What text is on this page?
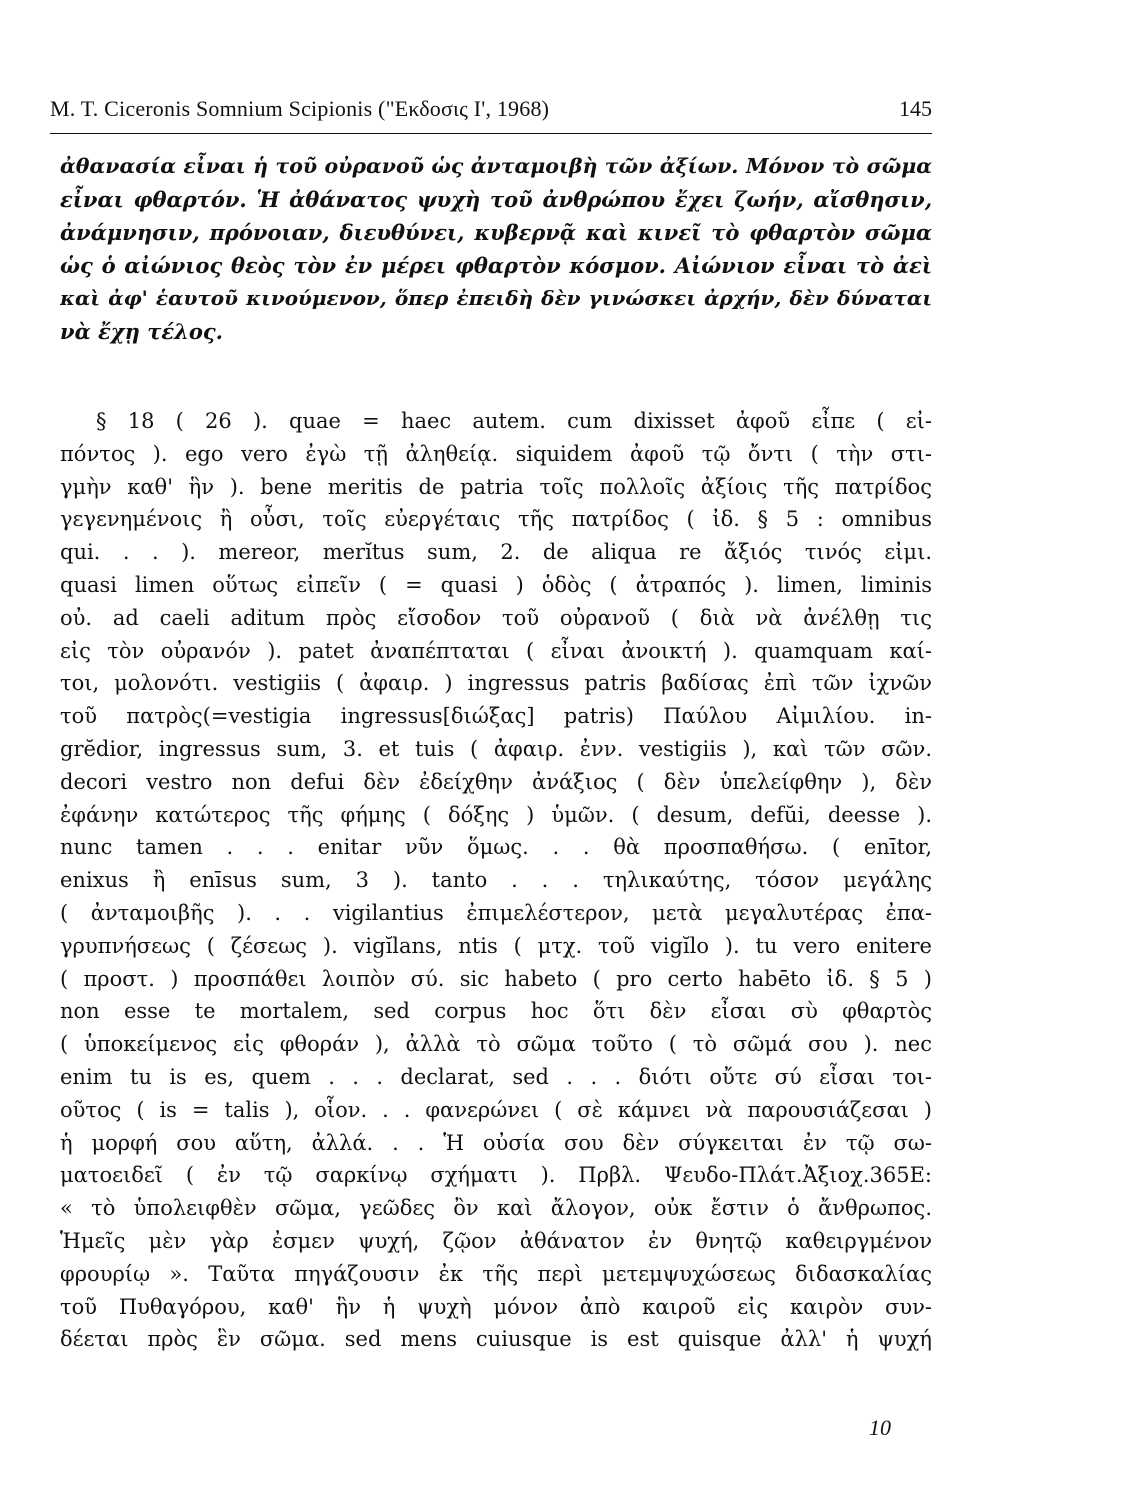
M. T. Ciceronis Somnium Scipionis ("Εκδοσις Ι', 1968)	145
ἀθανασία εἶναι ἡ τοῦ οὐρανοῦ ὡς ἀνταμοιβὴ τῶν ἀξίων. Μόνον τὸ σῶμα
εἶναι φθαρτόν. Ἡ ἀθάνατος ψυχὴ τοῦ ἀνθρώπου ἔχει ζωήν, αἴσθησιν,
ἀνάμνησιν, πρόνοιαν, διευθύνει, κυβερνᾷ καὶ κινεῖ τὸ φθαρτὸν σῶμα
ὡς ὁ αἰώνιος θεὸς τὸν ἐν μέρει φθαρτὸν κόσμον. Αἰώνιον εἶναι τὸ ἀεὶ
καὶ ἀφ' ἑαυτοῦ κινούμενον, ὅπερ ἐπειδὴ δὲν γινώσκει ἀρχήν, δὲν δύναται
νὰ ἔχῃ τέλος.
§ 18 ( 26 ). quae = haec autem. cum dixisset ἀφοῦ εἶπε ( εἰ-
πόντος ). ego vero ἐγὼ τῇ ἀληθείᾳ. siquidem ἀφοῦ τῷ ὄντι ( τὴν στι-
γμὴν καθ' ἣν ). bene meritis de patria τοῖς πολλοῖς ἀξίοις τῆς πατρίδος
γεγενημένοις ἢ οὖσι, τοῖς εὐεργέταις τῆς πατρίδος ( ἰδ. § 5 : omnibus
qui. . . ). mereor, merĭtus sum, 2. de aliqua re ἄξιός τινός εἰμι.
quasi limen οὕτως εἰπεῖν ( = quasi ) ὁδὸς ( ἀτραπός ). limen, liminis
οὐ. ad caeli aditum πρὸς εἴσοδον τοῦ οὐρανοῦ ( διὰ νὰ ἀνέλθῃ τις
εἰς τὸν οὐρανόν ). patet ἀναπέπταται ( εἶναι ἀνοικτή ). quamquam καί-
τοι, μολονότι. vestigiis ( ἀφαιρ. ) ingressus patris βαδίσας ἐπὶ τῶν ἰχνῶν
τοῦ πατρὸς(=vestigia ingressus[διώξας] patris) Παύλου Αἰμιλίου. in-
grĕdior, ingressus sum, 3. et tuis ( ἀφαιρ. ἐνν. vestigiis ), καὶ τῶν σῶν.
decori vestro non defui δὲν ἐδείχθην ἀνάξιος ( δὲν ὑπελείφθην ), δὲν
ἐφάνην κατώτερος τῆς φήμης ( δόξης ) ὑμῶν. ( desum, defŭi, deesse ).
nunc tamen . . . enitar νῦν ὅμως. . . θὰ προσπαθήσω. ( enītor,
enixus ἢ enīsus sum, 3 ). tanto . . . τηλικαύτης, τόσον μεγάλης
( ἀνταμοιβῆς ). . . vigilantius ἐπιμελέστερον, μετὰ μεγαλυτέρας ἐπα-
γρυπνήσεως ( ζέσεως ). vigĭlans, ntis ( μτχ. τοῦ vigĭlo ). tu vero enitere
( προστ. ) προσπάθει λοιπὸν σύ. sic habeto ( pro certo habēto ἰδ. § 5 )
non esse te mortalem, sed corpus hoc ὅτι δὲν εἶσαι σὺ φθαρτὸς
( ὑποκείμενος εἰς φθοράν ), ἀλλὰ τὸ σῶμα τοῦτο ( τὸ σῶμά σου ). nec
enim tu is es, quem . . . declarat, sed . . . διότι οὔτε σύ εἶσαι τοι-
οῦτος ( is = talis ), οἷον. . . φανερώνει ( σὲ κάμνει νὰ παρουσιάζεσαι )
ἡ μορφή σου αὕτη, ἀλλά. . . Ἡ οὐσία σου δὲν σύγκειται ἐν τῷ σω-
ματοειδεῖ ( ἐν τῷ σαρκίνῳ σχήματι ). Πρβλ. Ψευδο-Πλάτ.Ἀξιοχ.365Ε:
« τὸ ὑπολειφθὲν σῶμα, γεῶδες ὂν καὶ ἄλογον, οὐκ ἔστιν ὁ ἄνθρωπος.
Ἡμεῖς μὲν γὰρ ἐσμεν ψυχή, ζῷον ἀθάνατον ἐν θνητῷ καθειργμένον
φρουρίῳ ». Ταῦτα πηγάζουσιν ἐκ τῆς περὶ μετεμψυχώσεως διδασκαλίας
τοῦ Πυθαγόρου, καθ' ἣν ἡ ψυχὴ μόνον ἀπὸ καιροῦ εἰς καιρὸν συν-
δέεται πρὸς ἓν σῶμα. sed mens cuiusque is est quisque ἀλλ' ἡ ψυχή
10
